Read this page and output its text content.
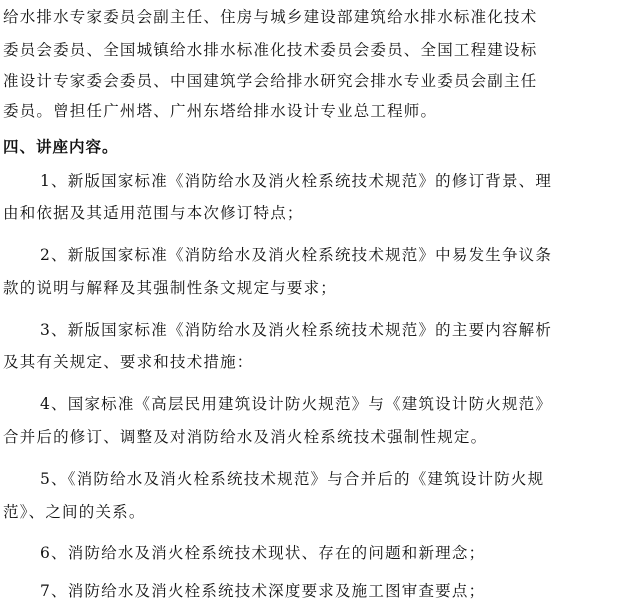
给水排水专家委员会副主任、住房与城乡建设部建筑给水排水标准化技术
委员会委员、全国城镇给水排水标准化技术委员会委员、全国工程建设标
准设计专家委会委员、中国建筑学会给排水研究会排水专业委员会副主任
委员。曾担任广州塔、广州东塔给排水设计专业总工程师。
四、讲座内容。
1、新版国家标准《消防给水及消火栓系统技术规范》的修订背景、理
由和依据及其适用范围与本次修订特点；
2、新版国家标准《消防给水及消火栓系统技术规范》中易发生争议条
款的说明与解释及其强制性条文规定与要求；
3、新版国家标准《消防给水及消火栓系统技术规范》的主要内容解析
及其有关规定、要求和技术措施：
4、国家标准《高层民用建筑设计防火规范》与《建筑设计防火规范》
合并后的修订、调整及对消防给水及消火栓系统技术强制性规定。
5、《消防给水及消火栓系统技术规范》与合并后的《建筑设计防火规
范》、之间的关系。
6、消防给水及消火栓系统技术现状、存在的问题和新理念；
7、消防给水及消火栓系统技术深度要求及施工图审查要点；
